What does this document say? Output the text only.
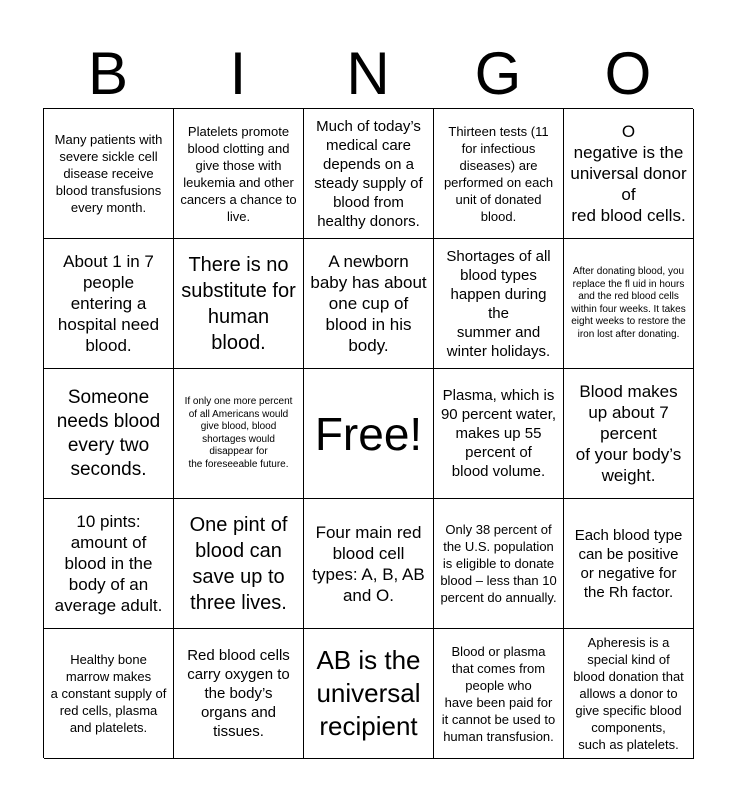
B	I	N	G	O
Many patients with severe sickle cell disease receive blood transfusions every month.
Platelets promote blood clotting and give those with leukemia and other cancers a chance to live.
Much of today’s medical care depends on a steady supply of blood from healthy donors.
Thirteen tests (11 for infectious diseases) are performed on each unit of donated blood.
O
negative is the universal donor of
red blood cells.
About 1 in 7 people entering a hospital need blood.
There is no substitute for human blood.
A newborn baby has about one cup of blood in his body.
Shortages of all blood types happen during the
summer and winter holidays.
After donating blood, you replace the fl uid in hours
and the red blood cells within four weeks. It takes
eight weeks to restore the iron lost after donating.
Someone needs blood every two seconds.
If only one more percent of all Americans would give blood, blood shortages would disappear for
the foreseeable future.
Free!
Plasma, which is 90 percent water, makes up 55 percent of
blood volume.
Blood makes up about 7 percent
of your body’s weight.
10 pints: amount of blood in the body of an average adult.
One pint of blood can save up to three lives.
Four main red blood cell types: A, B, AB and O.
Only 38 percent of the U.S. population is eligible to donate blood – less than 10 percent do annually.
Each blood type can be positive
or negative for the Rh factor.
Healthy bone marrow makes
a constant supply of red cells, plasma and platelets.
Red blood cells carry oxygen to the body’s organs and tissues.
AB is the universal recipient
Blood or plasma that comes from people who
have been paid for it cannot be used to human transfusion.
Apheresis is a special kind of blood donation that allows a donor to give specific blood components,
such as platelets.
